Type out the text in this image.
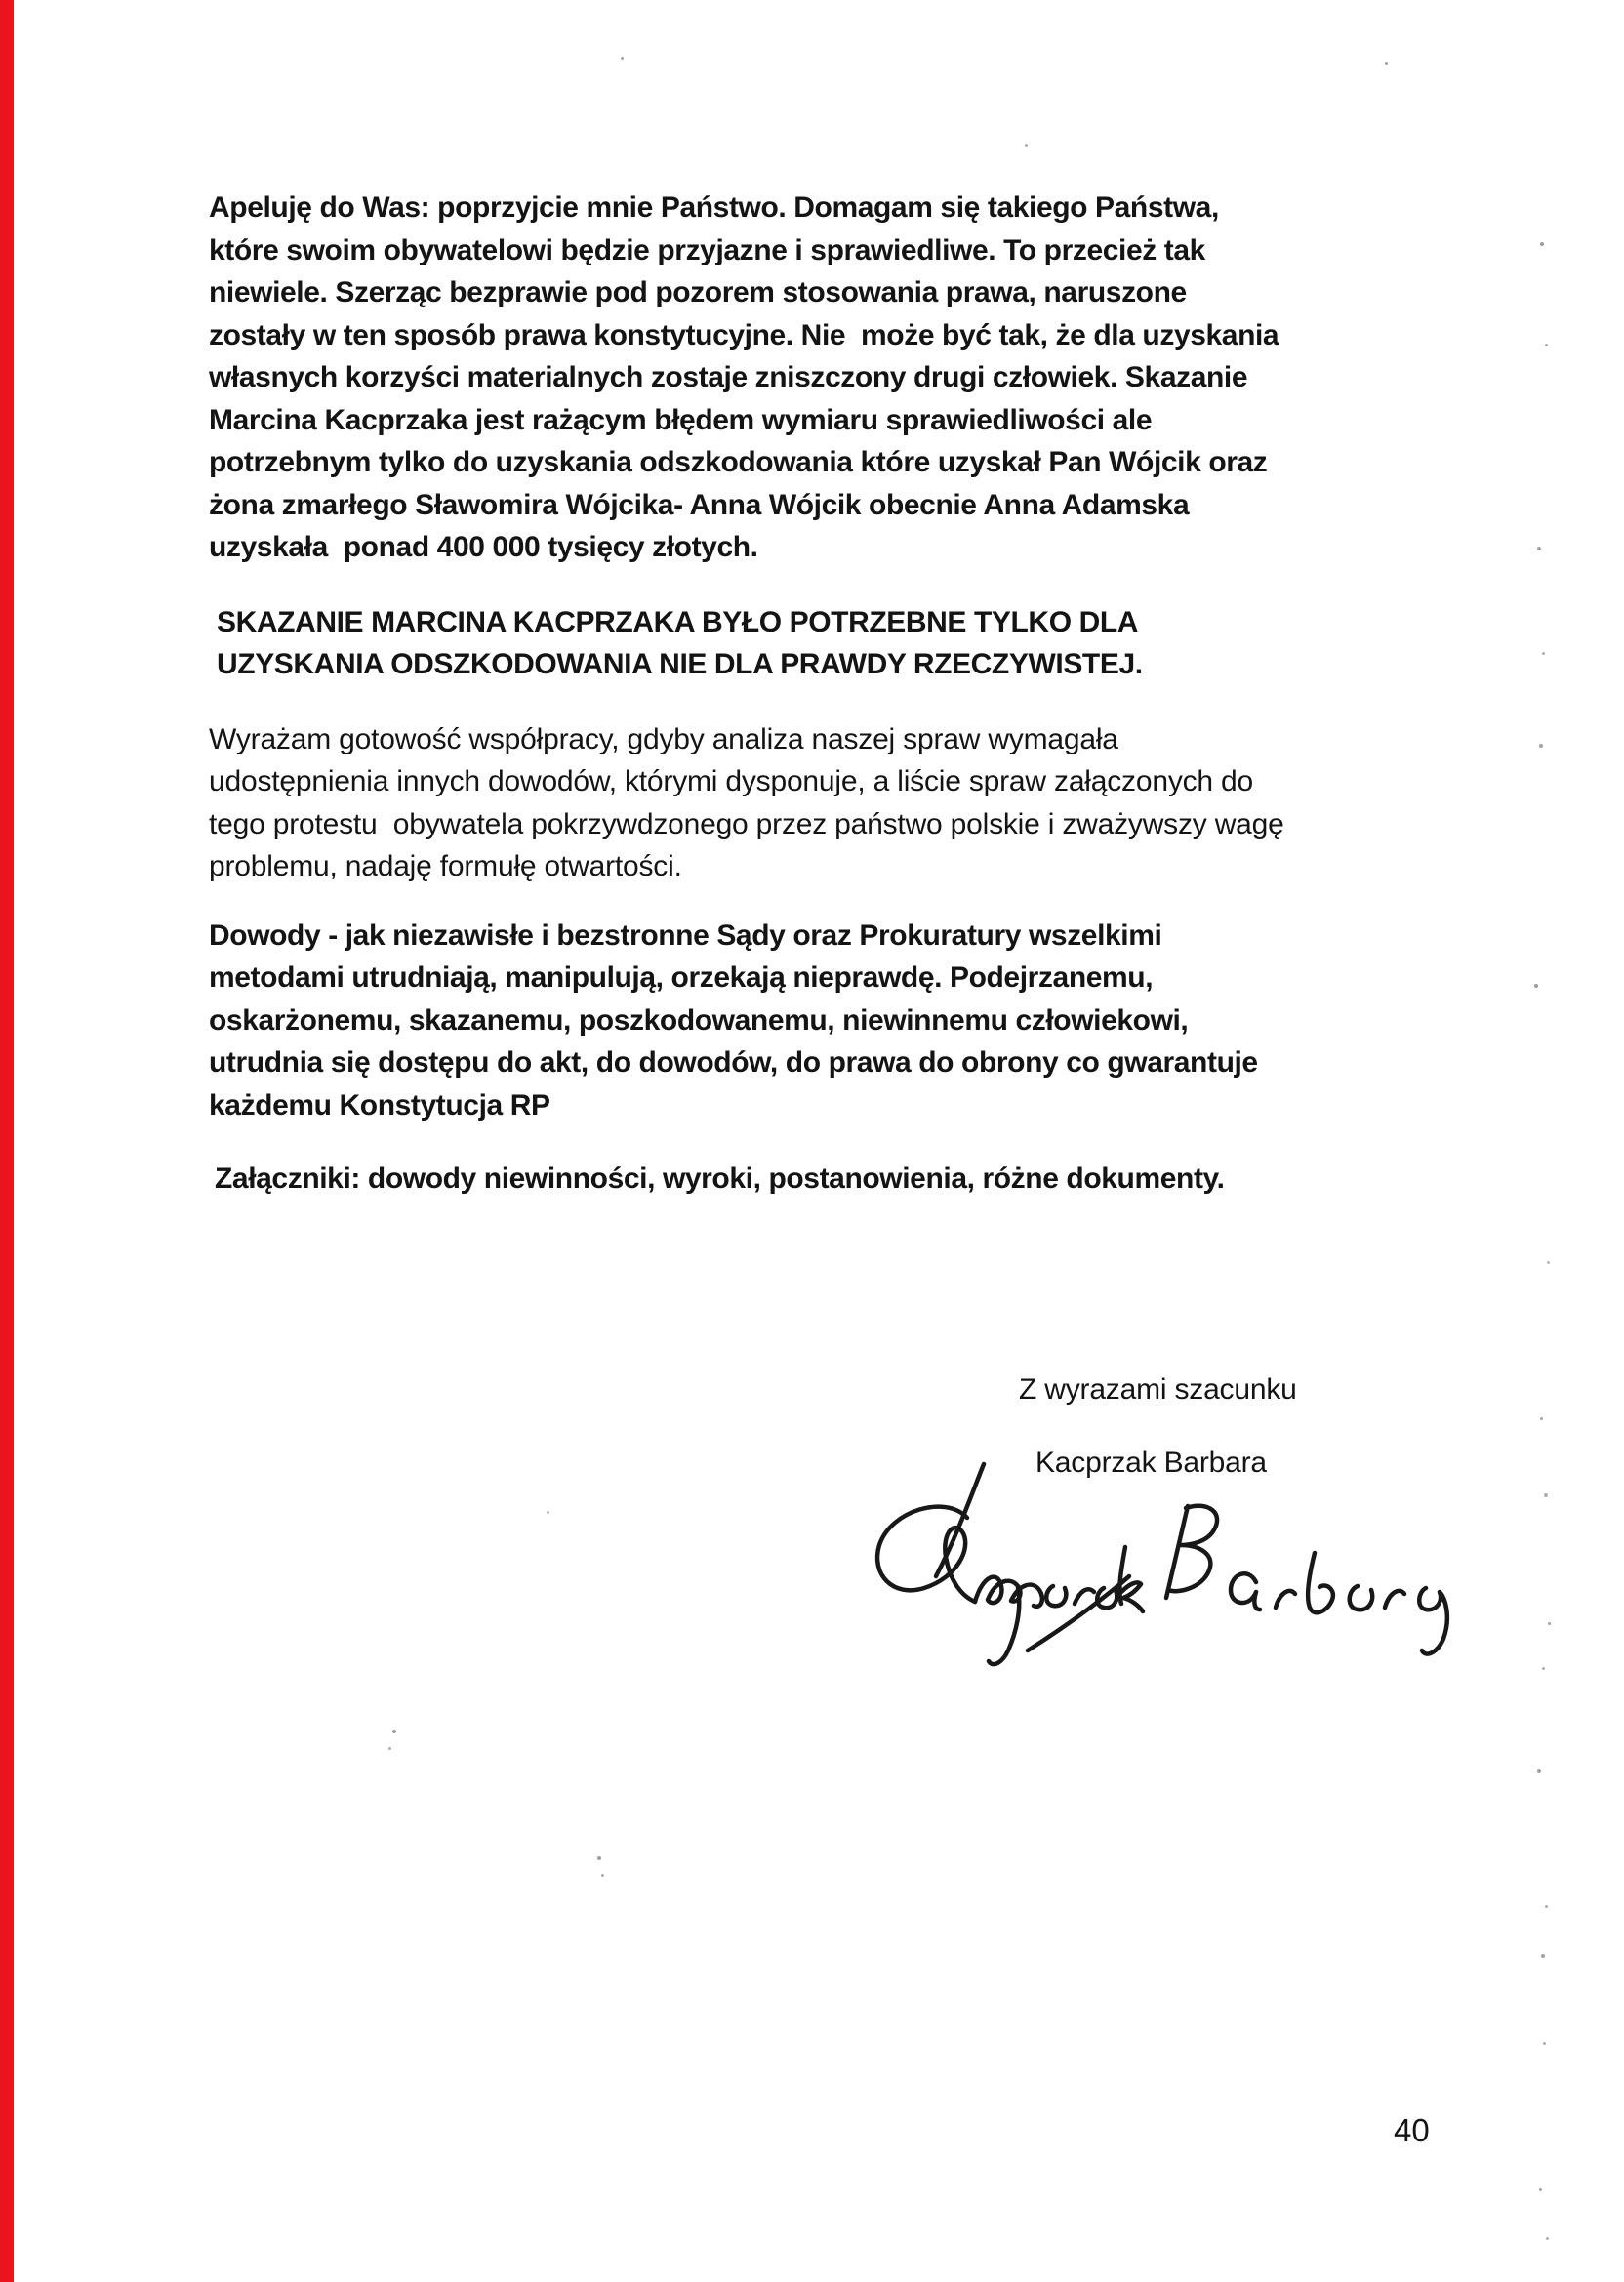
Apeluję do Was: poprzyjcie mnie Państwo. Domagam się takiego Państwa,
które swoim obywatelowi będzie przyjazne i sprawiedliwe. To przecież tak
niewiele. Szerząc bezprawie pod pozorem stosowania prawa, naruszone
zostały w ten sposób prawa konstytucyjne. Nie  może być tak, że dla uzyskania
własnych korzyści materialnych zostaje zniszczony drugi człowiek. Skazanie
Marcina Kacprzaka jest rażącym błędem wymiaru sprawiedliwości ale
potrzebnym tylko do uzyskania odszkodowania które uzyskał Pan Wójcik oraz
żona zmarłego Sławomira Wójcika- Anna Wójcik obecnie Anna Adamska
uzyskała  ponad 400 000 tysięcy złotych.
SKAZANIE MARCINA KACPRZAKA BYŁO POTRZEBNE TYLKO DLA
UZYSKANIA ODSZKODOWANIA NIE DLA PRAWDY RZECZYWISTEJ.
Wyrażam gotowość współpracy, gdyby analiza naszej spraw wymagała
udostępnienia innych dowodów, którymi dysponuje, a liście spraw załączonych do
tego protestu  obywatela pokrzywdzonego przez państwo polskie i zważywszy wagę
problemu, nadaję formułę otwartości.
Dowody - jak niezawisłe i bezstronne Sądy oraz Prokuratury wszelkimi
metodami utrudniają, manipulują, orzekają nieprawdę. Podejrzanemu,
oskarżonemu, skazanemu, poszkodowanemu, niewinnemu człowiekowi,
utrudnia się dostępu do akt, do dowodów, do prawa do obrony co gwarantuje
każdemu Konstytucja RP
Załączniki: dowody niewinności, wyroki, postanowienia, różne dokumenty.
Z wyrazami szacunku
Kacprzak Barbara
40
